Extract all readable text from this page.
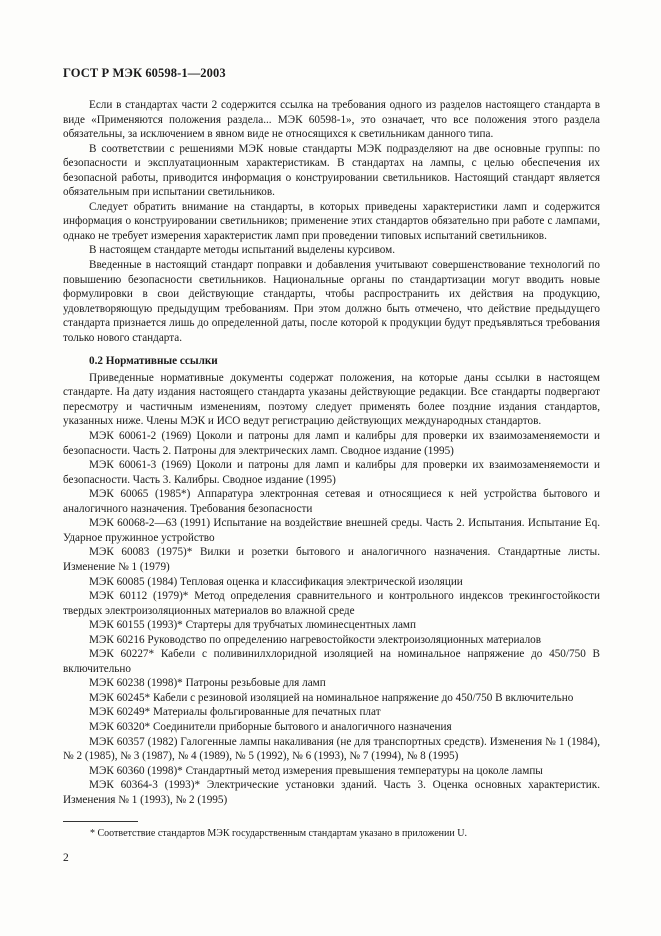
ГОСТ Р МЭК 60598-1—2003

Если в стандартах части 2 содержится ссылка на требования одного из разделов настоящего стандарта в виде «Применяются положения раздела... МЭК 60598-1», это означает, что все положения этого раздела обязательны, за исключением в явном виде не относящихся к светильникам данного типа.

В соответствии с решениями МЭК новые стандарты МЭК подразделяют на две основные группы: по безопасности и эксплуатационным характеристикам. В стандартах на лампы, с целью обеспечения их безопасной работы, приводится информация о конструировании светильников. Настоящий стандарт является обязательным при испытании светильников.

Следует обратить внимание на стандарты, в которых приведены характеристики ламп и содержится информация о конструировании светильников; применение этих стандартов обязательно при работе с лампами, однако не требует измерения характеристик ламп при проведении типовых испытаний светильников.

В настоящем стандарте методы испытаний выделены курсивом.

Введенные в настоящий стандарт поправки и добавления учитывают совершенствование технологий по повышению безопасности светильников. Национальные органы по стандартизации могут вводить новые формулировки в свои действующие стандарты, чтобы распространить их действия на продукцию, удовлетворяющую предыдущим требованиям. При этом должно быть отмечено, что действие предыдущего стандарта признается лишь до определенной даты, после которой к продукции будут предъявляться требования только нового стандарта.

0.2 Нормативные ссылки

Приведенные нормативные документы содержат положения, на которые даны ссылки в настоящем стандарте. На дату издания настоящего стандарта указаны действующие редакции. Все стандарты подвергают пересмотру и частичным изменениям, поэтому следует применять более поздние издания стандартов, указанных ниже. Члены МЭК и ИСО ведут регистрацию действующих международных стандартов.

МЭК 60061-2 (1969) Цоколи и патроны для ламп и калибры для проверки их взаимозаменяемости и безопасности. Часть 2. Патроны для электрических ламп. Сводное издание (1995)

МЭК 60061-3 (1969) Цоколи и патроны для ламп и калибры для проверки их взаимозаменяемости и безопасности. Часть 3. Калибры. Сводное издание (1995)

МЭК 60065 (1985*) Аппаратура электронная сетевая и относящиеся к ней устройства бытового и аналогичного назначения. Требования безопасности

МЭК 60068-2—63 (1991) Испытание на воздействие внешней среды. Часть 2. Испытания. Испытание Eq. Ударное пружинное устройство

МЭК 60083 (1975)* Вилки и розетки бытового и аналогичного назначения. Стандартные листы. Изменение № 1 (1979)

МЭК 60085 (1984) Тепловая оценка и классификация электрической изоляции

МЭК 60112 (1979)* Метод определения сравнительного и контрольного индексов трекингостойкости твердых электроизоляционных материалов во влажной среде

МЭК 60155 (1993)* Стартеры для трубчатых люминесцентных ламп

МЭК 60216 Руководство по определению нагревостойкости электроизоляционных материалов

МЭК 60227* Кабели с поливинилхлоридной изоляцией на номинальное напряжение до 450/750 В включительно

МЭК 60238 (1998)* Патроны резьбовые для ламп

МЭК 60245* Кабели с резиновой изоляцией на номинальное напряжение до 450/750 В включительно

МЭК 60249* Материалы фольгированные для печатных плат

МЭК 60320* Соединители приборные бытового и аналогичного назначения

МЭК 60357 (1982) Галогенные лампы накаливания (не для транспортных средств). Изменения № 1 (1984), № 2 (1985), № 3 (1987), № 4 (1989), № 5 (1992), № 6 (1993), № 7 (1994), № 8 (1995)

МЭК 60360 (1998)* Стандартный метод измерения превышения температуры на цоколе лампы

МЭК 60364-3 (1993)* Электрические установки зданий. Часть 3. Оценка основных характеристик. Изменения № 1 (1993), № 2 (1995)

* Соответствие стандартов МЭК государственным стандартам указано в приложении U.
2
